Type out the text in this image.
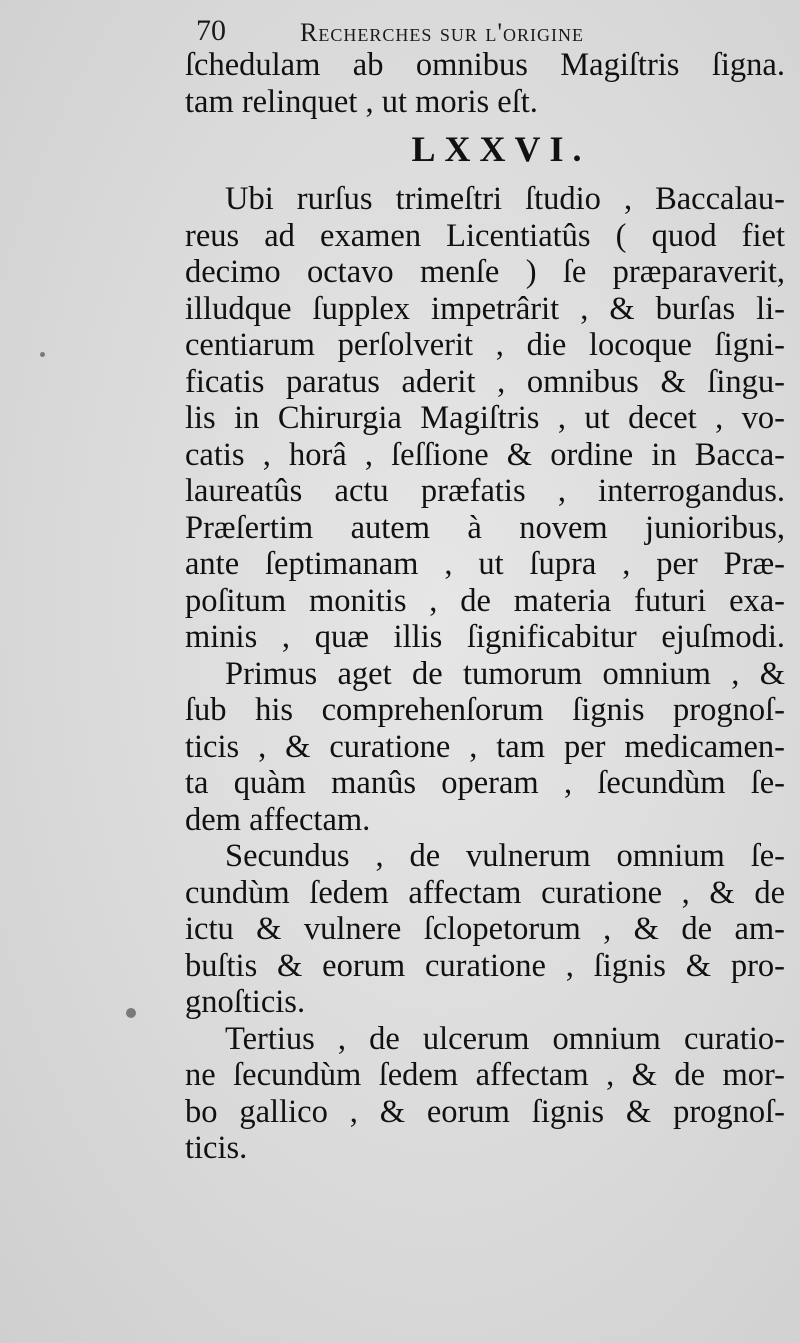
70	Recherches sur l'origine
ſchedulam ab omnibus Magiſtris ſigna.
tam relinquet , ut moris eſt.
LXXVI.
Ubi rurſus trimeſtri ſtudio , Baccalau-
reus ad examen Licentiatûs ( quod fiet
decimo octavo menſe ) ſe præparaverit,
illudque ſupplex impetrârit , & burſas li-
centiarum perſolverit , die locoque ſigni-
ficatis paratus aderit , omnibus & ſingu-
lis in Chirurgia Magiſtris , ut decet , vo-
catis , horâ , ſeſſione & ordine in Bacca-
laureatûs actu præfatis , interrogandus.
Præſertim autem à novem junioribus,
ante ſeptimanam , ut ſupra , per Præ-
poſitum monitis , de materia futuri exa-
minis , quæ illis ſignificabitur ejuſmodi.
Primus aget de tumorum omnium , &
ſub his comprehenſorum ſignis prognoſ-
ticis , & curatione , tam per medicamen-
ta quàm manûs operam , ſecundùm ſe-
dem affectam.
Secundus , de vulnerum omnium ſe-
cundùm ſedem affectam curatione , & de
ictu & vulnere ſclopetorum , & de am-
buſtis & eorum curatione , ſignis & pro-
gnoſticis.
Tertius , de ulcerum omnium curatio-
ne ſecundùm ſedem affectam , & de mor-
bo gallico , & eorum ſignis & prognoſ-
ticis.
